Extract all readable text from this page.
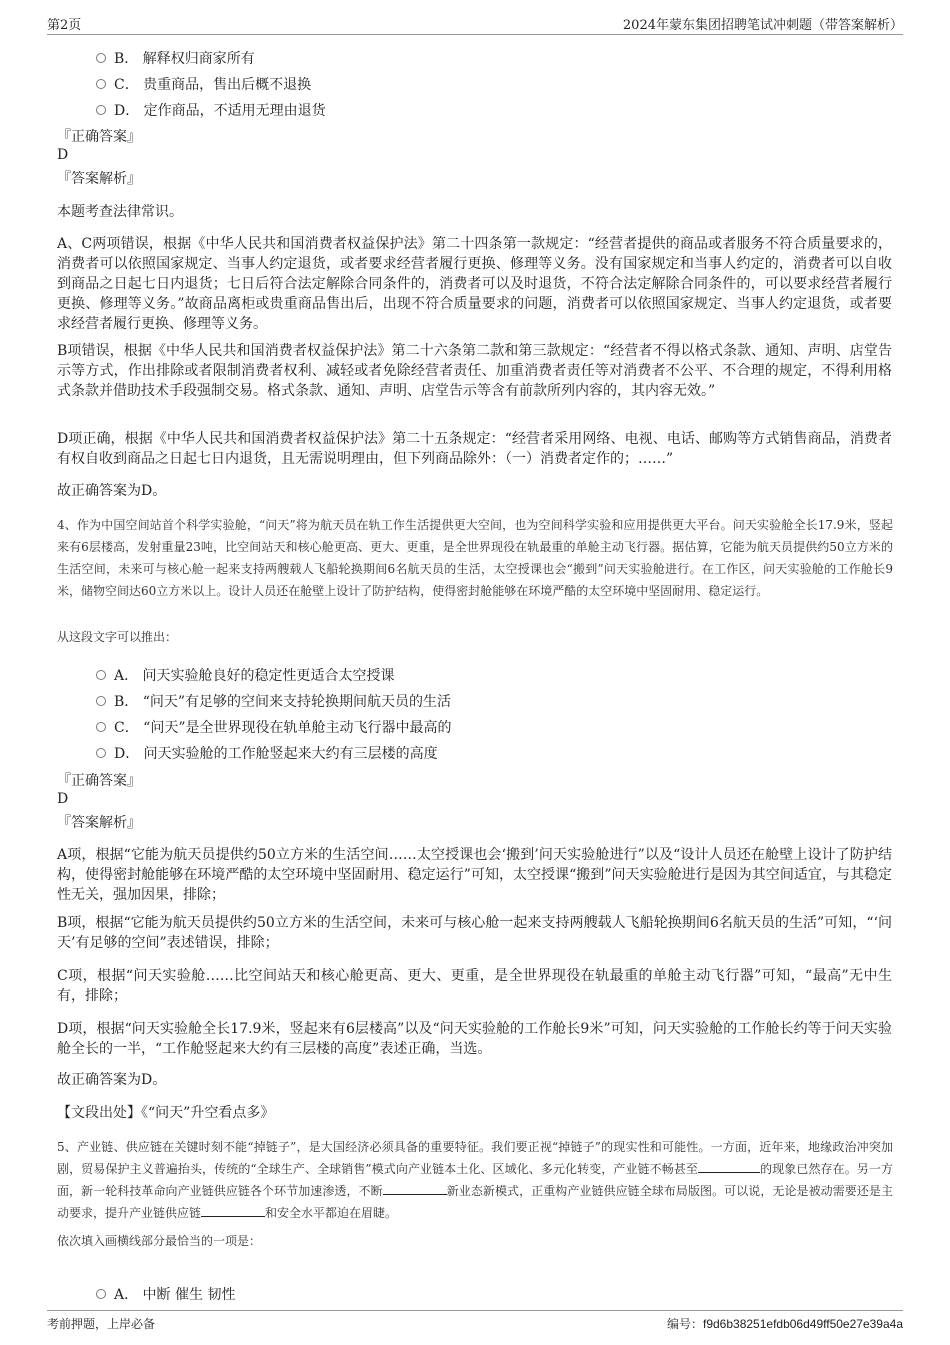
第2页	2024年蒙东集团招聘笔试冲刺题（带答案解析）
B． 解释权归商家所有
C． 贵重商品，售出后概不退换
D． 定作商品，不适用无理由退货
『正确答案』
D
『答案解析』
本题考查法律常识。
A、C两项错误，根据《中华人民共和国消费者权益保护法》第二十四条第一款规定：“经营者提供的商品或者服务不符合质量要求的，消费者可以依照国家规定、当事人约定退货，或者要求经营者履行更换、修理等义务。没有国家规定和当事人约定的，消费者可以自收到商品之日起七日内退货；七日后符合法定解除合同条件的，消费者可以及时退货，不符合法定解除合同条件的，可以要求经营者履行更换、修理等义务。”故商品离柜或贵重商品售出后，出现不符合质量要求的问题，消费者可以依照国家规定、当事人约定退货，或者要求经营者履行更换、修理等义务。
B项错误，根据《中华人民共和国消费者权益保护法》第二十六条第二款和第三款规定：“经营者不得以格式条款、通知、声明、店堂告示等方式，作出排除或者限制消费者权利、减轻或者免除经营者责任、加重消费者责任等对消费者不公平、不合理的规定，不得利用格式条款并借助技术手段强制交易。格式条款、通知、声明、店堂告示等含有前款所列内容的，其内容无效。”
D项正确，根据《中华人民共和国消费者权益保护法》第二十五条规定：“经营者采用网络、电视、电话、邮购等方式销售商品，消费者有权自收到商品之日起七日内退货，且无需说明理由，但下列商品除外：（一）消费者定作的；……”
故正确答案为D。
4、作为中国空间站首个科学实验舱，“问天”将为航天员在轨工作生活提供更大空间，也为空间科学实验和应用提供更大平台。问天实验舱全长17.9米，竖起来有6层楼高，发射重量23吨，比空间站天和核心舱更高、更大、更重，是全世界现役在轨最重的单舱主动飞行器。据估算，它能为航天员提供约50立方米的生活空间，未来可与核心舱一起来支持两艘载人飞船轮换期间6名航天员的生活，太空授课也会“搬到”问天实验舱进行。在工作区，问天实验舱的工作舱长9米，储物空间达60立方米以上。设计人员还在舱壁上设计了防护结构，使得密封舱能够在环境严酷的太空环境中坚固耐用、稳定运行。
从这段文字可以推出：
A． 问天实验舱良好的稳定性更适合太空授课
B． “问天”有足够的空间来支持轮换期间航天员的生活
C． “问天”是全世界现役在轨单舱主动飞行器中最高的
D． 问天实验舱的工作舱竖起来大约有三层楼的高度
『正确答案』
D
『答案解析』
A项，根据“它能为航天员提供约50立方米的生活空间……太空授课也会‘搬到’问天实验舱进行”以及“设计人员还在舱壁上设计了防护结构，使得密封舱能够在环境严酷的太空环境中坚固耐用、稳定运行”可知，太空授课“搬到”问天实验舱进行是因为其空间适宜，与其稳定性无关，强加因果，排除；
B项，根据“它能为航天员提供约50立方米的生活空间，未来可与核心舱一起来支持两艘载人飞船轮换期间6名航天员的生活”可知，“‘问天’有足够的空间”表述错误，排除；
C项，根据“问天实验舱……比空间站天和核心舱更高、更大、更重，是全世界现役在轨最重的单舱主动飞行器”可知，“最高”无中生有，排除；
D项，根据“问天实验舱全长17.9米，竖起来有6层楼高”以及“问天实验舱的工作舱长9米”可知，问天实验舱的工作舱长约等于问天实验舱全长的一半，“工作舱竖起来大约有三层楼的高度”表述正确，当选。
故正确答案为D。
【文段出处】《“问天”升空看点多》
5、产业链、供应链在关键时刻不能“掉链子”，是大国经济必须具备的重要特征。我们要正视“掉链子”的现实性和可能性。一方面，近年来，地缘政治冲突加剧，贸易保护主义普遍抬头，传统的“全球生产、全球销售”模式向产业链本土化、区域化、多元化转变，产业链不畅甚至	的现象已然存在。另一方面，新一轮科技革命向产业链供应链各个环节加速渗透，不断	新业态新模式，正重构产业链供应链全球布局版图。可以说，无论是被动需要还是主动要求，提升产业链供应链	和安全水平都迫在眉睫。
依次填入画横线部分最恰当的一项是：
A． 中断 催生 韧性
考前押题，上岸必备	编号：f9d6b38251efdb06d49ff50e27e39a4a
